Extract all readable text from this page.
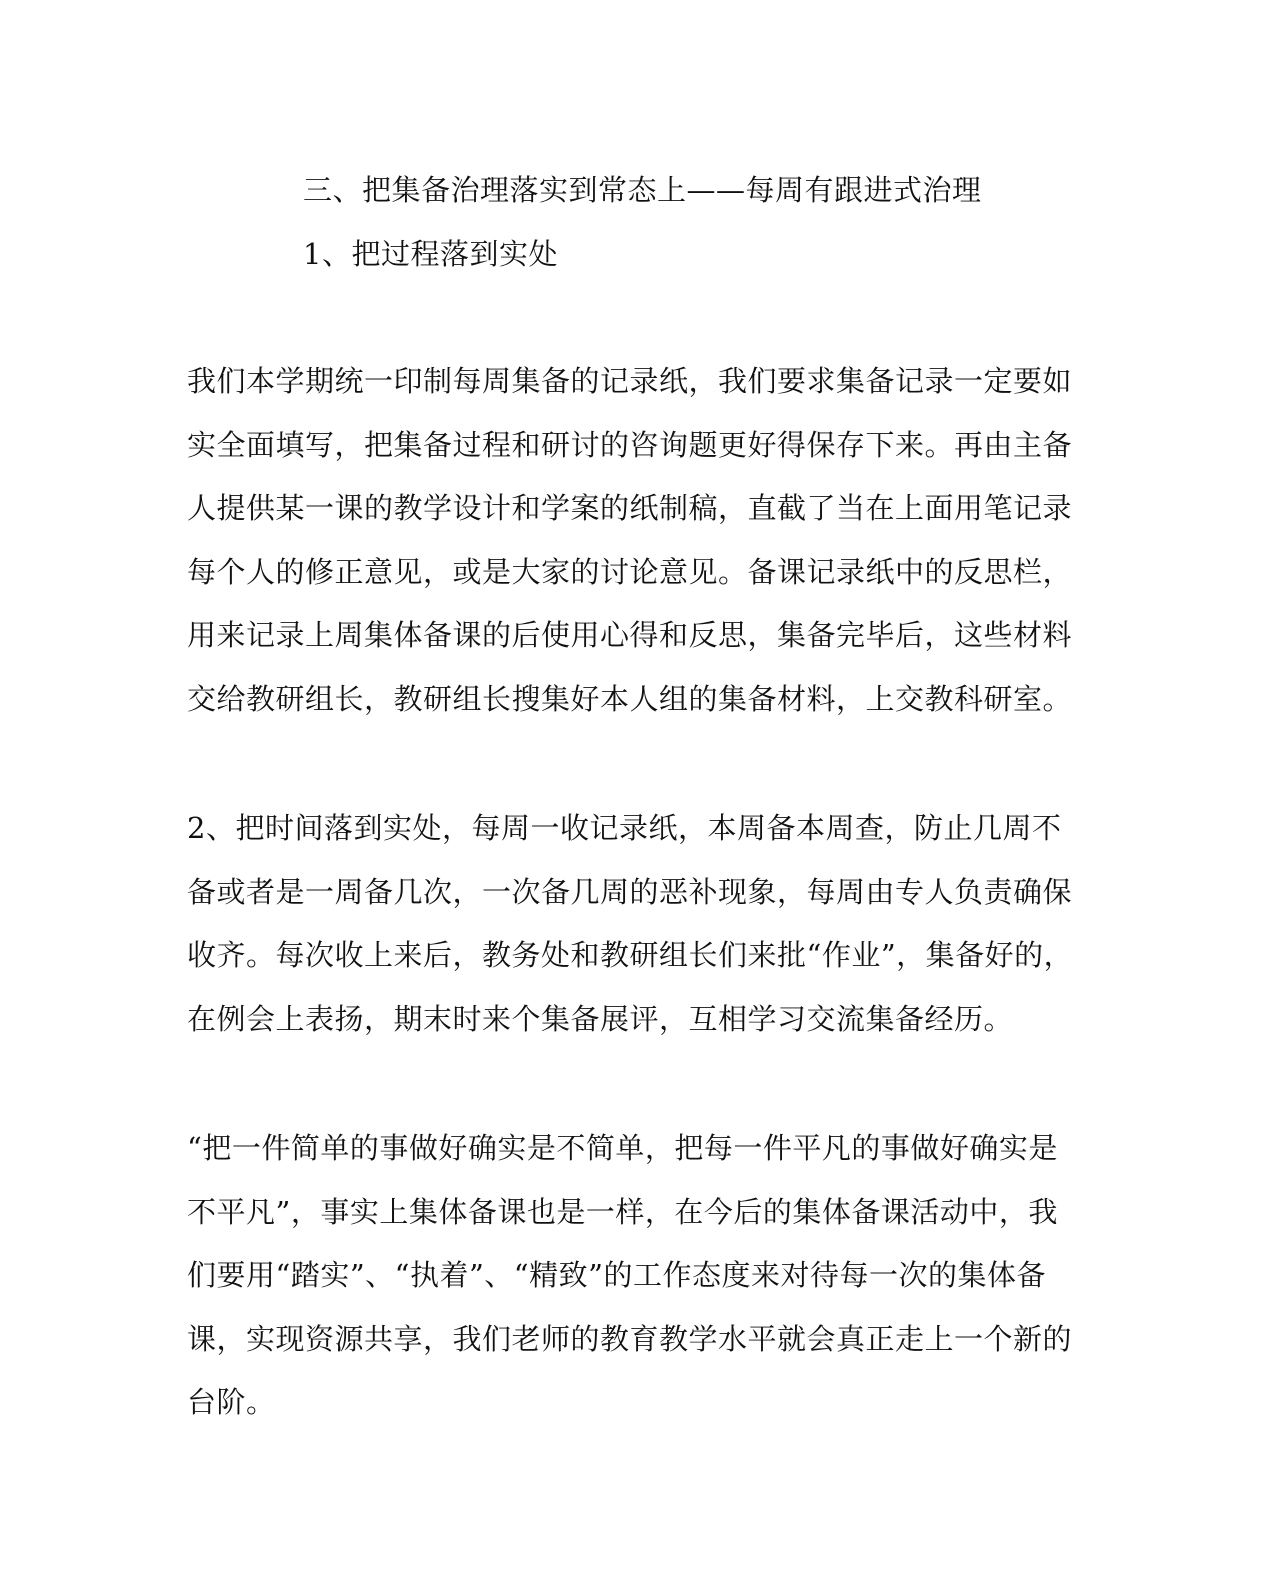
三、把集备治理落实到常态上——每周有跟进式治理
1、把过程落到实处

我们本学期统一印制每周集备的记录纸，我们要求集备记录一定要如实全面填写，把集备过程和研讨的咨询题更好得保存下来。再由主备人提供某一课的教学设计和学案的纸制稿，直截了当在上面用笔记录每个人的修正意见，或是大家的讨论意见。备课记录纸中的反思栏，用来记录上周集体备课的后使用心得和反思，集备完毕后，这些材料交给教研组长，教研组长搜集好本人组的集备材料，上交教科研室。

2、把时间落到实处，每周一收记录纸，本周备本周查，防止几周不备或者是一周备几次，一次备几周的恶补现象，每周由专人负责确保收齐。每次收上来后，教务处和教研组长们来批“作业”，集备好的，在例会上表扬，期末时来个集备展评，互相学习交流集备经历。

“把一件简单的事做好确实是不简单，把每一件平凡的事做好确实是不平凡”，事实上集体备课也是一样，在今后的集体备课活动中，我们要用“踏实”、“执着”、“精致”的工作态度来对待每一次的集体备课，实现资源共享，我们老师的教育教学水平就会真正走上一个新的台阶。
